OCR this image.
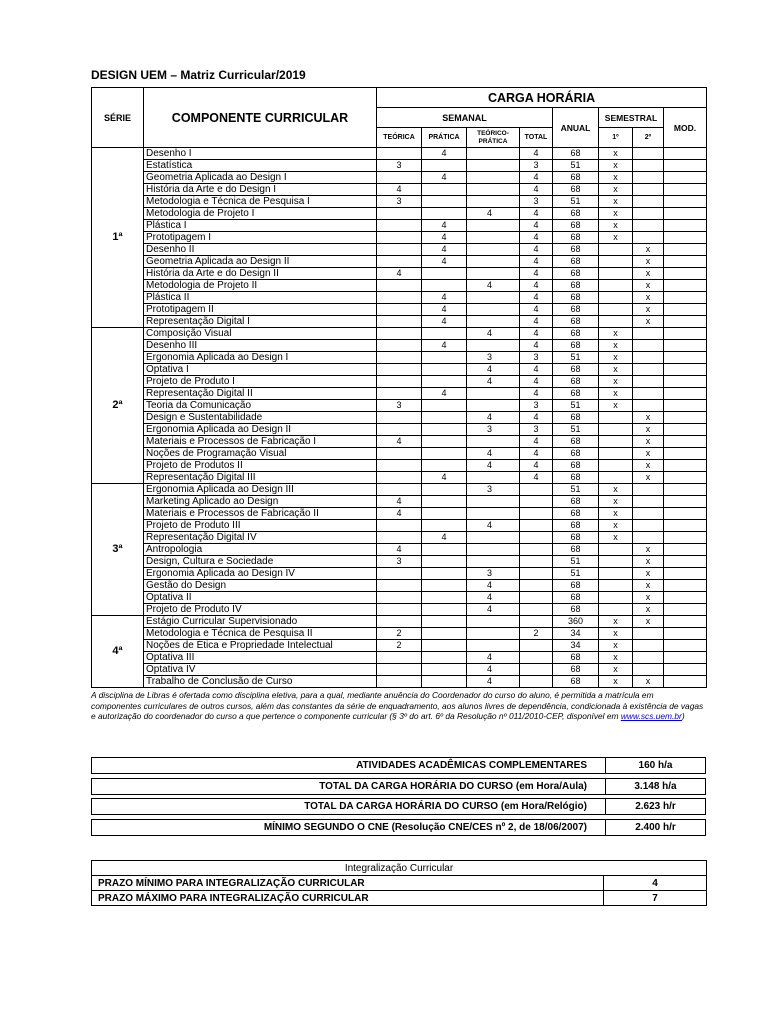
DESIGN UEM – Matriz Curricular/2019
SÉRIE	COMPONENTE CURRICULAR	CARGA HORÁRIA							
		SEMANAL				ANUAL	SEMESTRAL		MOD.
		TEÓRICA	PRÁTICA	TEÓRICO-PRÁTICA	TOTAL		1º	2º	
1ª	Desenho I		4		4	68	x		
	Estatística	3			3	51	x		
	Geometria Aplicada ao Design I		4		4	68	x		
	História da Arte e do Design I	4			4	68	x		
	Metodologia e Técnica de Pesquisa I	3			3	51	x		
	Metodologia de Projeto I			4	4	68	x		
	Plástica I		4		4	68	x		
	Prototipagem I		4		4	68	x		
	Desenho II		4		4	68		x	
	Geometria Aplicada ao Design II		4		4	68		x	
	História da Arte e do Design II	4			4	68		x	
	Metodologia de Projeto II			4	4	68		x	
	Plástica II		4		4	68		x	
	Prototipagem II		4		4	68		x	
	Representação Digital I		4		4	68		x	
2ª	Composição Visual			4	4	68	x		
	Desenho III		4		4	68	x		
	Ergonomia Aplicada ao Design I			3	3	51	x		
	Optativa I			4	4	68	x		
	Projeto de Produto I			4	4	68	x		
	Representação Digital II		4		4	68	x		
	Teoria da Comunicação	3			3	51	x		
	Design e Sustentabilidade			4	4	68		x	
	Ergonomia Aplicada ao Design II			3	3	51		x	
	Materiais e Processos de Fabricação I	4			4	68		x	
	Noções de Programação Visual			4	4	68		x	
	Projeto de Produtos II			4	4	68		x	
	Representação Digital III		4		4	68		x	
3ª	Ergonomia Aplicada ao Design III			3		51	x		
	Marketing Aplicado ao Design	4				68	x		
	Materiais e Processos de Fabricação II	4				68	x		
	Projeto de Produto III			4		68	x		
	Representação Digital IV		4			68	x		
	Antropologia	4				68		x	
	Design, Cultura e Sociedade	3				51		x	
	Ergonomia Aplicada ao Design IV			3		51		x	
	Gestão do Design			4		68		x	
	Optativa II			4		68		x	
	Projeto de Produto IV			4		68		x	
4ª	Estágio Curricular Supervisionado					360	x	x	
	Metodologia e Técnica de Pesquisa II	2			2	34	x		
	Noções de Ética e Propriedade Intelectual	2				34	x		
	Optativa III			4		68	x		
	Optativa IV			4		68	x		
	Trabalho de Conclusão de Curso			4		68	x	x	
A disciplina de Libras é ofertada como disciplina eletiva, para a qual, mediante anuência do Coordenador do curso do aluno, é permitida a matrícula em componentes curriculares de outros cursos, além das constantes da série de enquadramento, aos alunos livres de dependência, condicionada à existência de vagas e autorização do coordenador do curso a que pertence o componente curricular (§ 3º do art. 6º da Resolução nº 011/2010-CEP, disponível em www.scs.uem.br)
ATIVIDADES ACADÊMICAS COMPLEMENTARES	160 h/a
TOTAL DA CARGA HORÁRIA DO CURSO (em Hora/Aula)	3.148 h/a
TOTAL DA CARGA HORÁRIA DO CURSO (em Hora/Relógio)	2.623 h/r
MÍNIMO SEGUNDO O CNE (Resolução CNE/CES nº 2, de 18/06/2007)	2.400 h/r
Integralização Curricular	
PRAZO MÍNIMO PARA INTEGRALIZAÇÃO CURRICULAR	4
PRAZO MÁXIMO PARA INTEGRALIZAÇÃO CURRICULAR	7
